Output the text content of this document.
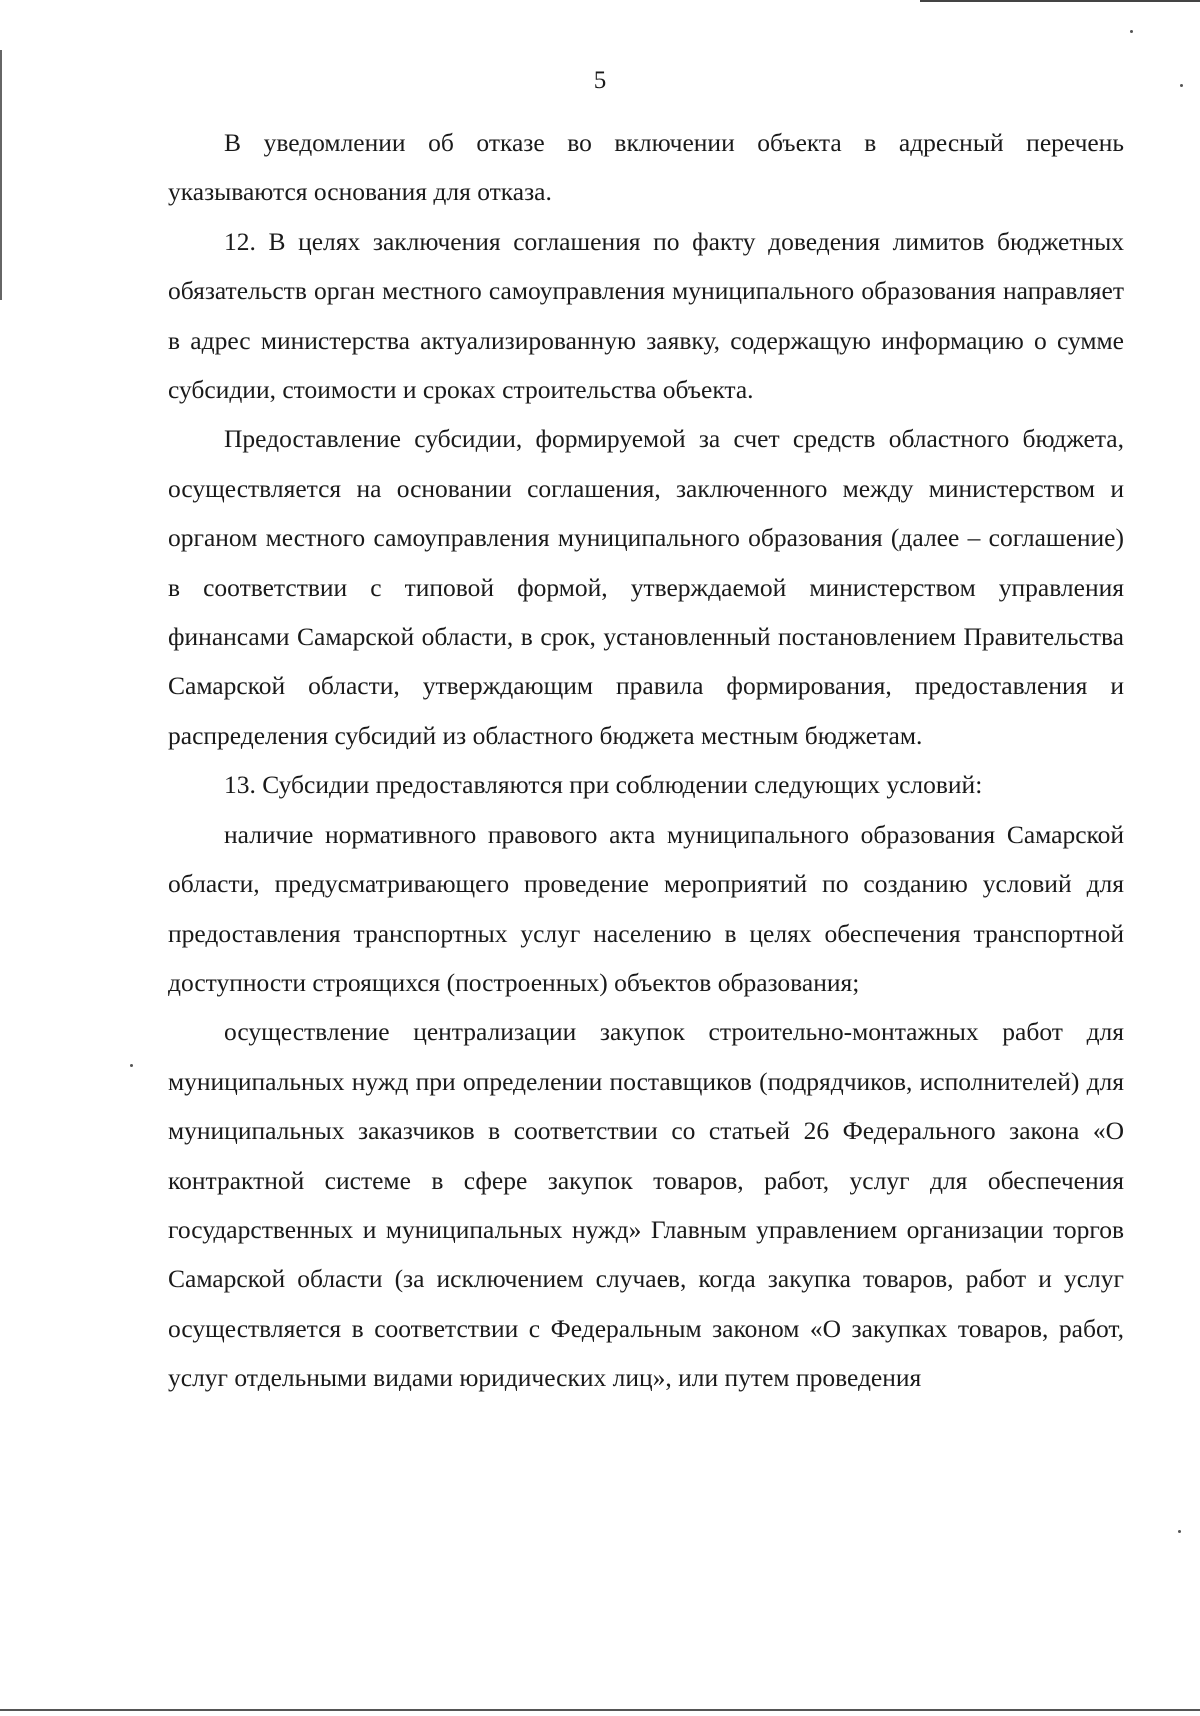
5

В уведомлении об отказе во включении объекта в адресный перечень указываются основания для отказа.

12. В целях заключения соглашения по факту доведения лимитов бюджетных обязательств орган местного самоуправления муниципального образования направляет в адрес министерства актуализированную заявку, содержащую информацию о сумме субсидии, стоимости и сроках строительства объекта.

Предоставление субсидии, формируемой за счет средств областного бюджета, осуществляется на основании соглашения, заключенного между министерством и органом местного самоуправления муниципального образования (далее – соглашение) в соответствии с типовой формой, утверждаемой министерством управления финансами Самарской области, в срок, установленный постановлением Правительства Самарской области, утверждающим правила формирования, предоставления и распределения субсидий из областного бюджета местным бюджетам.

13. Субсидии предоставляются при соблюдении следующих условий:

наличие нормативного правового акта муниципального образования Самарской области, предусматривающего проведение мероприятий по созданию условий для предоставления транспортных услуг населению в целях обеспечения транспортной доступности строящихся (построенных) объектов образования;

осуществление централизации закупок строительно-монтажных работ для муниципальных нужд при определении поставщиков (подрядчиков, исполнителей) для муниципальных заказчиков в соответствии со статьей 26 Федерального закона «О контрактной системе в сфере закупок товаров, работ, услуг для обеспечения государственных и муниципальных нужд» Главным управлением организации торгов Самарской области (за исключением случаев, когда закупка товаров, работ и услуг осуществляется в соответствии с Федеральным законом «О закупках товаров, работ, услуг отдельными видами юридических лиц», или путем проведения
